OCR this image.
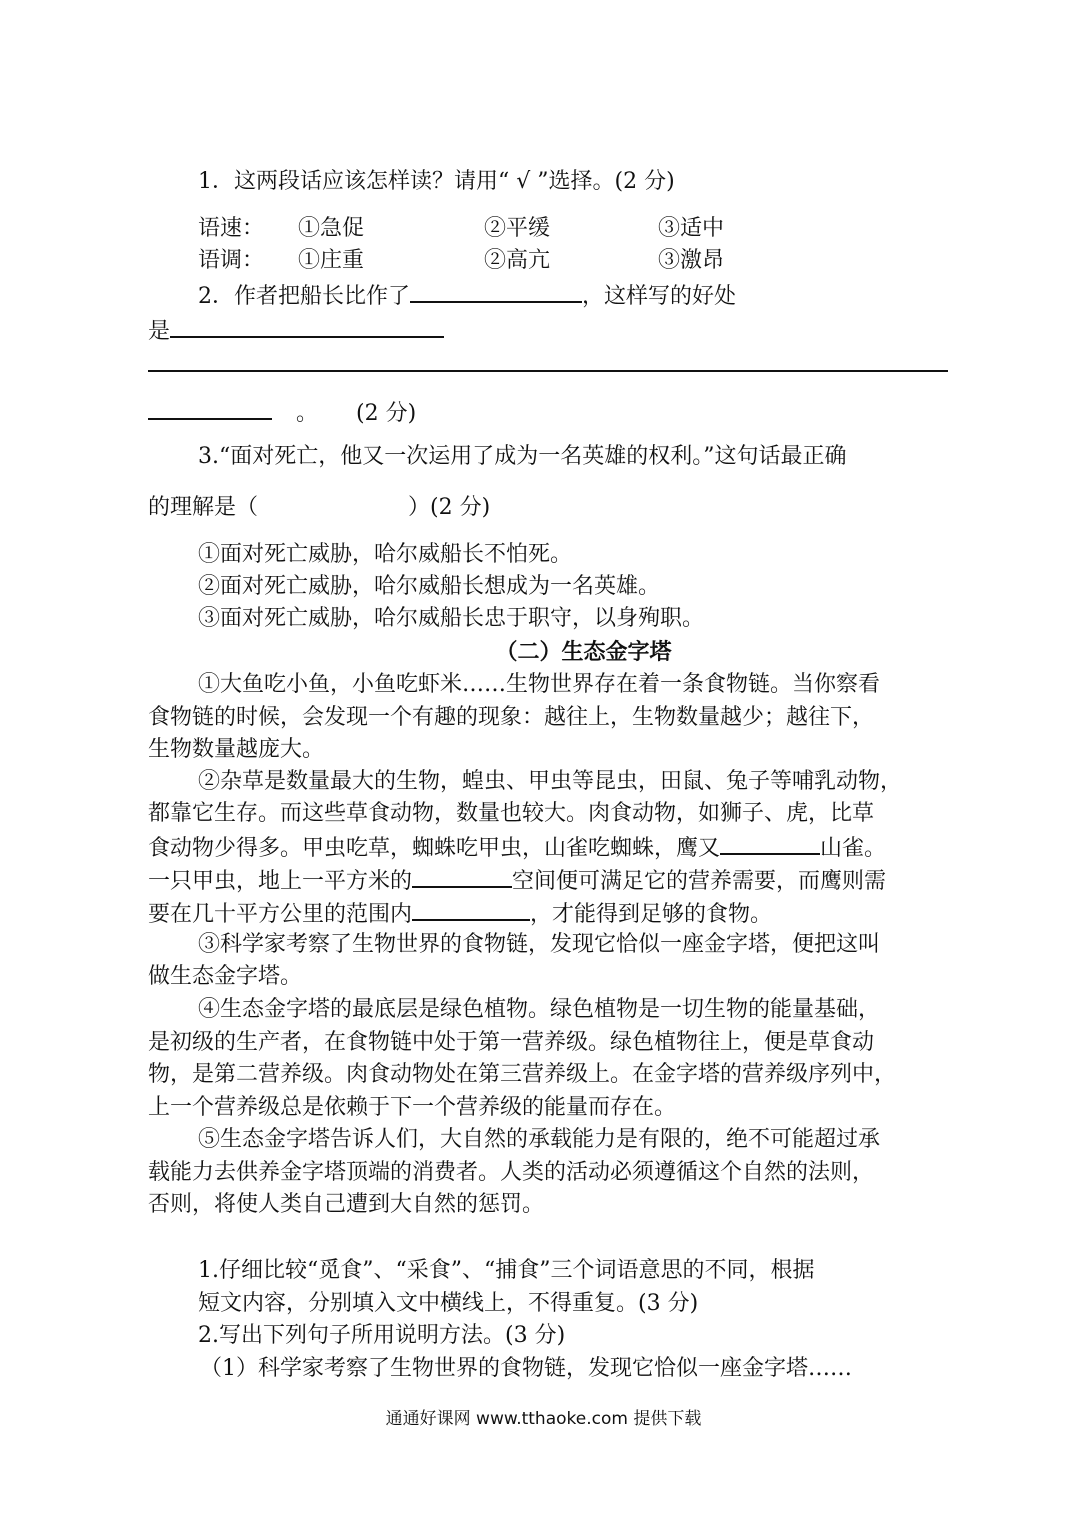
1．这两段话应该怎样读？请用“ √ ”选择。(2 分)
语速： ①急促	②平缓	③适中
语调： ①庄重	②高亢	③激昂
2．作者把船长比作了	，这样写的好处
是
。 (2 分)
3.“面对死亡，他又一次运用了成为一名英雄的权利。”这句话最正确
的理解是（	）(2 分)
①面对死亡威胁，哈尔威船长不怕死。
②面对死亡威胁，哈尔威船长想成为一名英雄。
③面对死亡威胁，哈尔威船长忠于职守，以身殉职。
（二）生态金字塔
①大鱼吃小鱼，小鱼吃虾米……生物世界存在着一条食物链。当你察看
食物链的时候，会发现一个有趣的现象：越往上，生物数量越少；越往下，
生物数量越庞大。
②杂草是数量最大的生物，蝗虫、甲虫等昆虫，田鼠、兔子等哺乳动物，
都靠它生存。而这些草食动物，数量也较大。肉食动物，如狮子、虎，比草
食动物少得多。甲虫吃草，蜘蛛吃甲虫，山雀吃蜘蛛，鹰又	山雀。
一只甲虫，地上一平方米的	空间便可满足它的营养需要，而鹰则需
要在几十平方公里的范围内	，才能得到足够的食物。
③科学家考察了生物世界的食物链，发现它恰似一座金字塔，便把这叫
做生态金字塔。
④生态金字塔的最底层是绿色植物。绿色植物是一切生物的能量基础，
是初级的生产者，在食物链中处于第一营养级。绿色植物往上，便是草食动
物，是第二营养级。肉食动物处在第三营养级上。在金字塔的营养级序列中，
上一个营养级总是依赖于下一个营养级的能量而存在。
⑤生态金字塔告诉人们，大自然的承载能力是有限的，绝不可能超过承
载能力去供养金字塔顶端的消费者。人类的活动必须遵循这个自然的法则，
否则，将使人类自己遭到大自然的惩罚。
1.仔细比较“觅食”、“采食”、“捕食”三个词语意思的不同，根据
短文内容，分别填入文中横线上，不得重复。(3 分)
2.写出下列句子所用说明方法。(3 分)
（1）科学家考察了生物世界的食物链，发现它恰似一座金字塔……
通通好课网 www.tthaoke.com 提供下载
